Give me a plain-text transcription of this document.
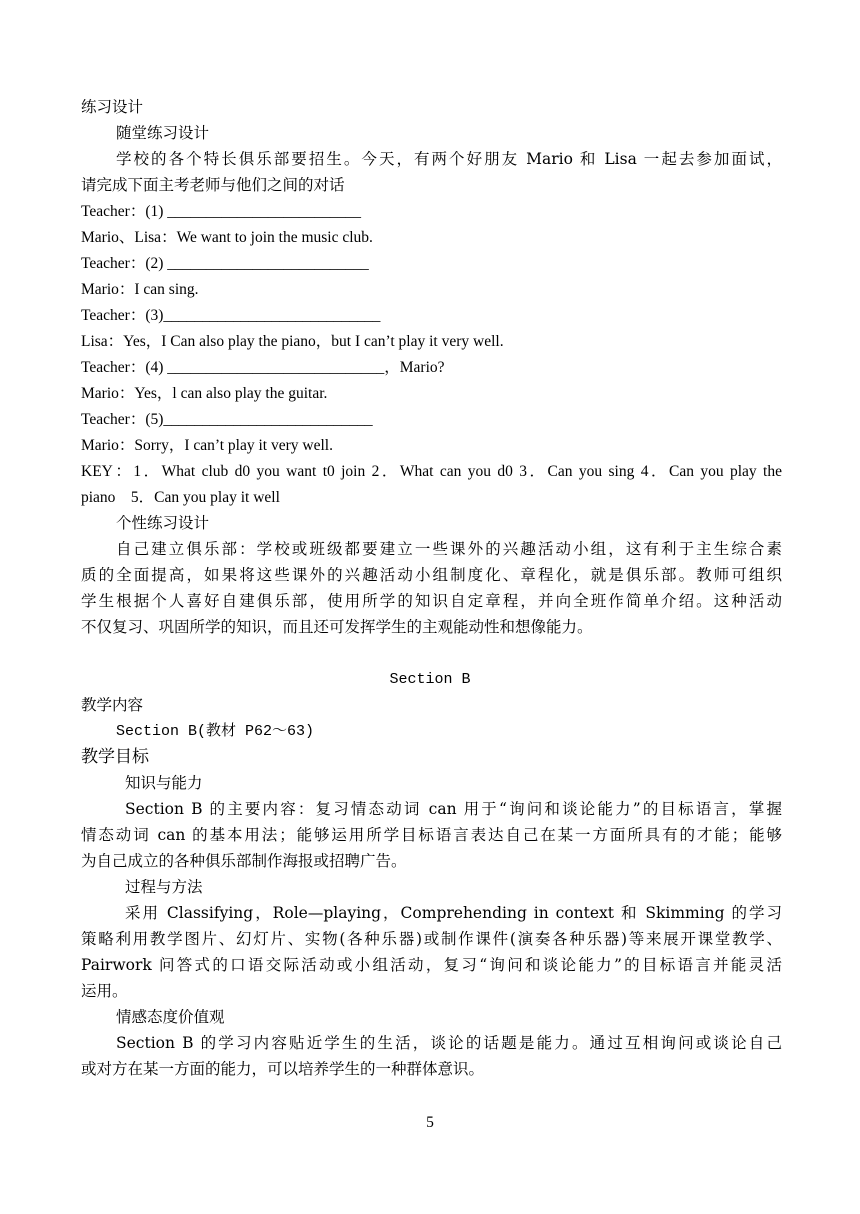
练习设计
随堂练习设计
学校的各个特长俱乐部要招生。今天，有两个好朋友 Mario 和 Lisa 一起去参加面试，
请完成下面主考老师与他们之间的对话
Teacher：(1) _________________________
Mario、Lisa：We want to join the music club.
Teacher：(2) __________________________
Mario：I can sing.
Teacher：(3)____________________________
Lisa：Yes，I Can also play the piano，but I can’t play it very well.
Teacher：(4) ____________________________，Mario?
Mario：Yes，l can also play the guitar.
Teacher：(5)___________________________
Mario：Sorry，I can’t play it very well.
KEY：1．What club d0 you want t0 join 2．What can you d0 3．Can you sing 4．Can you play the
piano    5．Can you play it well
个性练习设计
自己建立俱乐部：学校或班级都要建立一些课外的兴趣活动小组，这有利于主生综合素
质的全面提高，如果将这些课外的兴趣活动小组制度化、章程化，就是俱乐部。教师可组织
学生根据个人喜好自建俱乐部，使用所学的知识自定章程，并向全班作简单介绍。这种活动
不仅复习、巩固所学的知识，而且还可发挥学生的主观能动性和想像能力。
Section B
教学内容
Section B(教材 P62～63)
教学目标
知识与能力
Section B 的主要内容：复习情态动词 can 用于“询问和谈论能力”的目标语言，掌握
情态动词 can 的基本用法；能够运用所学目标语言表达自己在某一方面所具有的才能；能够
为自己成立的各种俱乐部制作海报或招聘广告。
过程与方法
采用 Classifying，Role—playing，Comprehending in context 和 Skimming 的学习
策略利用教学图片、幻灯片、实物(各种乐器)或制作课件(演奏各种乐器)等来展开课堂教学、
Pairwork 问答式的口语交际活动或小组活动，复习“询问和谈论能力”的目标语言并能灵活
运用。
情感态度价值观
Section B 的学习内容贴近学生的生活，谈论的话题是能力。通过互相询问或谈论自己
或对方在某一方面的能力，可以培养学生的一种群体意识。
5
